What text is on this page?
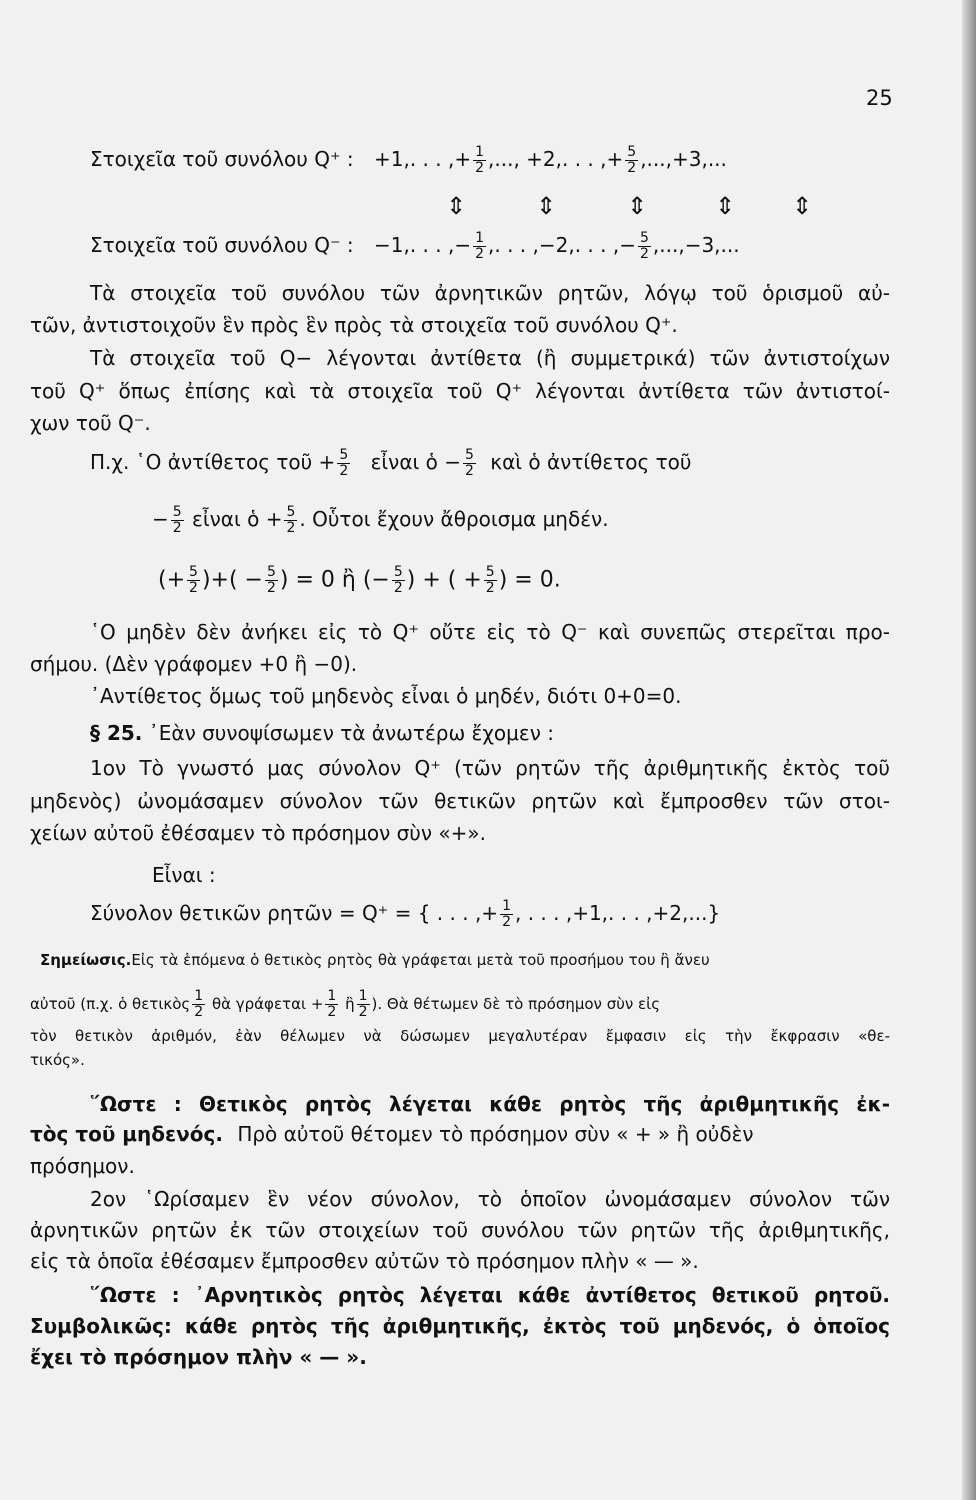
25
Στοιχεῖα τοῦ συνόλου Q⁺ : +1,. . . ,+ $\frac{1}{2}$ ,..., +2,. . . ,+ $\frac{5}{2} ,...,+3$,...
⇕	⇕	⇕	⇕ ⇕
Στοιχεῖα τοῦ συνόλου Q⁻ : −1,. . . ,− $\frac{1}{2}$ ,. . . ,−2,. . . ,− $\frac{5}{2} ,...,-3$,...
Τὰ στοιχεῖα τοῦ συνόλου τῶν ἀρνητικῶν ρητῶν, λόγῳ τοῦ ὁρισμοῦ αὐ-
τῶν, ἀντιστοιχοῦν ἓν πρὸς ἓν πρὸς τὰ στοιχεῖα τοῦ συνόλου Q⁺.
Τὰ στοιχεῖα τοῦ Q− λέγονται ἀντίθετα (ἢ συμμετρικά) τῶν ἀντιστοίχων
τοῦ Q⁺ ὅπως ἐπίσης καὶ τὰ στοιχεῖα τοῦ Q⁺ λέγονται ἀντίθετα τῶν ἀντιστοί-
χων τοῦ Q⁻.
Π.χ. ῾Ο ἀντίθετος τοῦ + $\frac{5}{2}$ εἶναι ὁ − $\frac{5}{2}$ καὶ ὁ ἀντίθετος τοῦ
− $\frac{5}{2}$ εἶναι ὁ + $\frac{5}{2}$ . Οὗτοι ἔχουν ἄθροισμα μηδέν.
(+ $\frac{5}{2}$ )+( − $\frac{5}{2}$ ) = 0 ἢ (− $\frac{5}{2}$ ) + ( + $\frac{5}{2}$ ) = 0.
῾Ο μηδὲν δὲν ἀνήκει εἰς τὸ Q⁺ οὔτε εἰς τὸ Q⁻ καὶ συνεπῶς στερεῖται προ-
σήμου. (Δὲν γράφομεν +0 ἢ −0).
᾿Αντίθετος ὅμως τοῦ μηδενὸς εἶναι ὁ μηδέν, διότι 0+0=0.
§ 25. ᾿Εὰν συνοψίσωμεν τὰ ἀνωτέρω ἔχομεν :
1ον Τὸ γνωστό μας σύνολον Q⁺ (τῶν ρητῶν τῆς ἀριθμητικῆς ἐκτὸς τοῦ
μηδενὸς) ὠνομάσαμεν σύνολον τῶν θετικῶν ρητῶν καὶ ἔμπροσθεν τῶν στοι-
χείων αὐτοῦ ἐθέσαμεν τὸ πρόσημον σὺν «+».
Εἶναι :
Σύνολον θετικῶν ρητῶν = Q⁺ = { . . . ,+ $\frac{1}{2}$ , . . . ,+1,. . . ,+2,...}
Σημείωσις.Εἰς τὰ ἑπόμενα ὁ θετικὸς ρητὸς θὰ γράφεται μετὰ τοῦ προσήμου του ἢ ἄνευ
αὐτοῦ (π.χ. ὁ θετικὸς $\frac{1}{2}$ θὰ $\gamma\rho ά\varphi\varepsilon\tau\alpha\iota + \frac{1}{2}$ ἢ $\frac{1}{2}$ ). Θὰ θέτωμεν δὲ τὸ πρόσημον σὺν εἰς
τὸν θετικὸν ἀριθμόν, ἐὰν θέλωμεν νὰ δώσωμεν μεγαλυτέραν ἔμφασιν εἰς τὴν ἔκφρασιν «θε-
τικός».
῞Ωστε : Θετικὸς ρητὸς λέγεται κάθε ρητὸς τῆς ἀριθμητικῆς ἐκ-
τὸς τοῦ μηδενός. Πρὸ αὐτοῦ θέτομεν τὸ πρόσημον σὺν « + » ἢ οὐδὲν
πρόσημον.
2ον ῾Ωρίσαμεν ἓν νέον σύνολον, τὸ ὁποῖον ὠνομάσαμεν σύνολον τῶν
ἀρνητικῶν ρητῶν ἐκ τῶν στοιχείων τοῦ συνόλου τῶν ρητῶν τῆς ἀριθμητικῆς,
εἰς τὰ ὁποῖα ἐθέσαμεν ἔμπροσθεν αὐτῶν τὸ πρόσημον πλὴν « — ».
῞Ωστε : ᾿Αρνητικὸς ρητὸς λέγεται κάθε ἀντίθετος θετικοῦ ρητοῦ.
Συμβολικῶς: κάθε ρητὸς τῆς ἀριθμητικῆς, ἐκτὸς τοῦ μηδενός, ὁ ὁποῖος
ἔχει τὸ πρόσημον πλὴν « — ».
